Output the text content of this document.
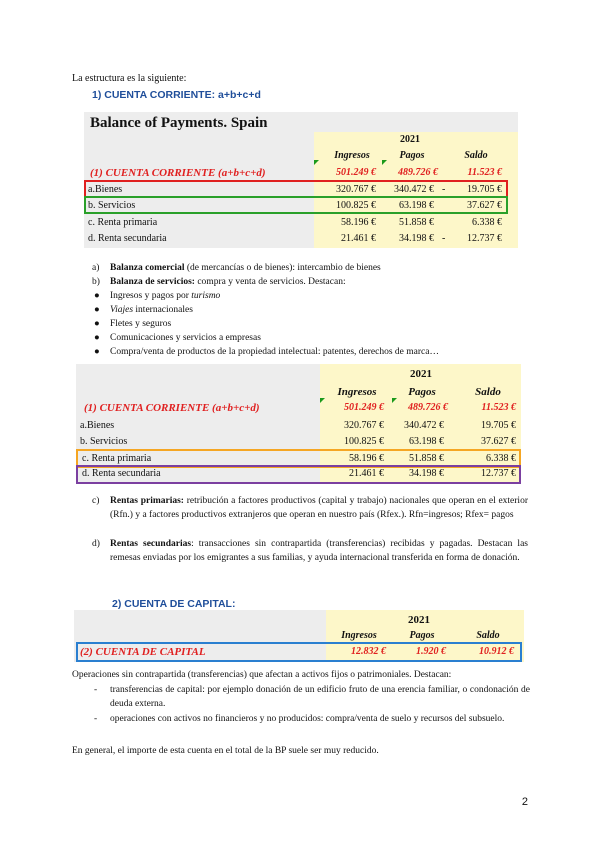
La estructura es la siguiente:
1) CUENTA CORRIENTE: a+b+c+d
Balance of Payments. Spain
2021
Ingresos	Pagos	Saldo
(1) CUENTA CORRIENTE (a+b+c+d)	501.249 €	489.726 €	11.523 €
a.Bienes	320.767 €	340.472 € -	19.705 €
b. Servicios	100.825 €	63.198 €	37.627 €
c. Renta primaria	58.196 €	51.858 €	6.338 €
d. Renta secundaria	21.461 €	34.198 € -	12.737 €
a) Balanza comercial (de mercancías o de bienes): intercambio de bienes
b) Balanza de servicios: compra y venta de servicios. Destacan:
● Ingresos y pagos por turismo
● Viajes internacionales
● Fletes y seguros
● Comunicaciones y servicios a empresas
● Compra/venta de productos de la propiedad intelectual: patentes, derechos de marca…
2021
Ingresos	Pagos	Saldo
(1) CUENTA CORRIENTE (a+b+c+d)	501.249 €	489.726 €	11.523 €
a.Bienes	320.767 €	340.472 €	19.705 €
b. Servicios	100.825 €	63.198 €	37.627 €
c. Renta primaria	58.196 €	51.858 €	6.338 €
d. Renta secundaria	21.461 €	34.198 €	12.737 €
c) Rentas primarias: retribución a factores productivos (capital y trabajo) nacionales que operan en el exterior (Rfn.) y a factores productivos extranjeros que operan en nuestro país (Rfex.). Rfn=ingresos; Rfex= pagos
d) Rentas secundarias: transacciones sin contrapartida (transferencias) recibidas y pagadas. Destacan las remesas enviadas por los emigrantes a sus familias, y ayuda internacional transferida en forma de donación.
2) CUENTA DE CAPITAL:
2021
Ingresos	Pagos	Saldo
(2) CUENTA DE CAPITAL	12.832 €	1.920 €	10.912 €
Operaciones sin contrapartida (transferencias) que afectan a activos fijos o patrimoniales. Destacan:
- transferencias de capital: por ejemplo donación de un edificio fruto de una erencia familiar, o condonación de deuda externa.
- operaciones con activos no financieros y no producidos: compra/venta de suelo y recursos del subsuelo.
En general, el importe de esta cuenta en el total de la BP suele ser muy reducido.
2
